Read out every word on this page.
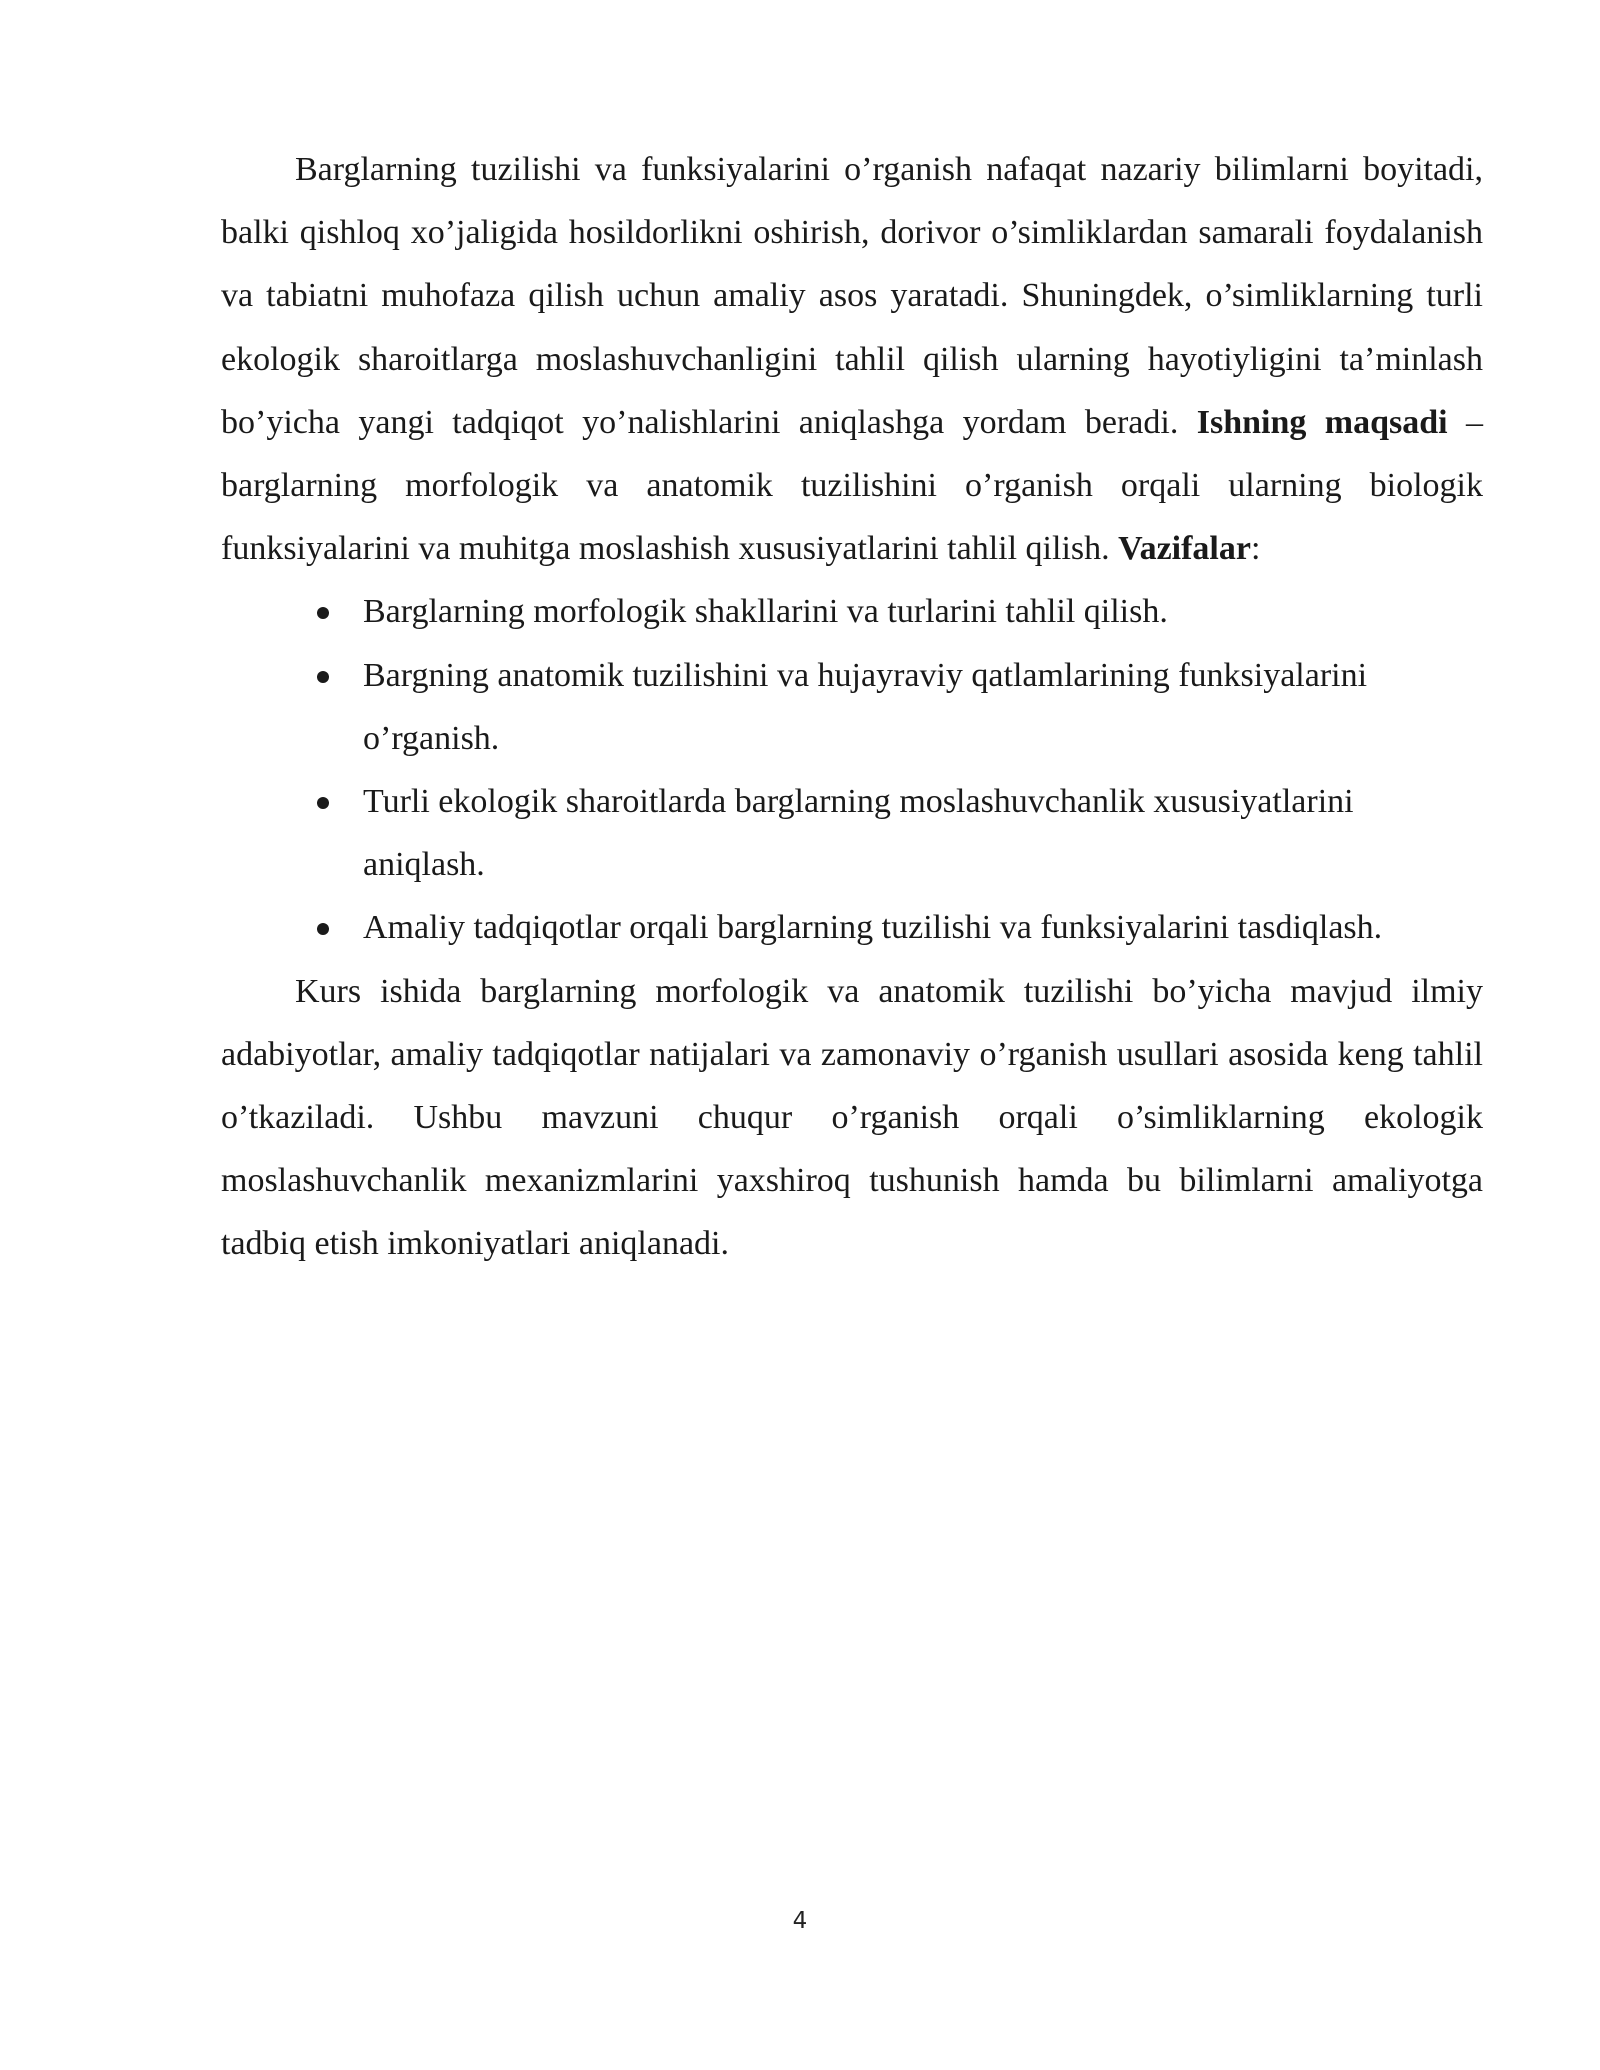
Barglarning tuzilishi va funksiyalarini o’rganish nafaqat nazariy bilimlarni boyitadi, balki qishloq xo’jaligida hosildorlikni oshirish, dorivor o’simliklardan samarali foydalanish va tabiatni muhofaza qilish uchun amaliy asos yaratadi. Shuningdek, o’simliklarning turli ekologik sharoitlarga moslashuvchanligini tahlil qilish ularning hayotiyligini ta’minlash bo’yicha yangi tadqiqot yo’nalishlarini aniqlashga yordam beradi. Ishning maqsadi – barglarning morfologik va anatomik tuzilishini o’rganish orqali ularning biologik funksiyalarini va muhitga moslashish xususiyatlarini tahlil qilish. Vazifalar:

Barglarning morfologik shakllarini va turlarini tahlil qilish.
Bargning anatomik tuzilishini va hujayraviy qatlamlarining funksiyalarini o’rganish.
Turli ekologik sharoitlarda barglarning moslashuvchanlik xususiyatlarini aniqlash.
Amaliy tadqiqotlar orqali barglarning tuzilishi va funksiyalarini tasdiqlash.

Kurs ishida barglarning morfologik va anatomik tuzilishi bo’yicha mavjud ilmiy adabiyotlar, amaliy tadqiqotlar natijalari va zamonaviy o’rganish usullari asosida keng tahlil o’tkaziladi. Ushbu mavzuni chuqur o’rganish orqali o’simliklarning ekologik moslashuvchanlik mexanizmlarini yaxshiroq tushunish hamda bu bilimlarni amaliyotga tadbiq etish imkoniyatlari aniqlanadi.

4
